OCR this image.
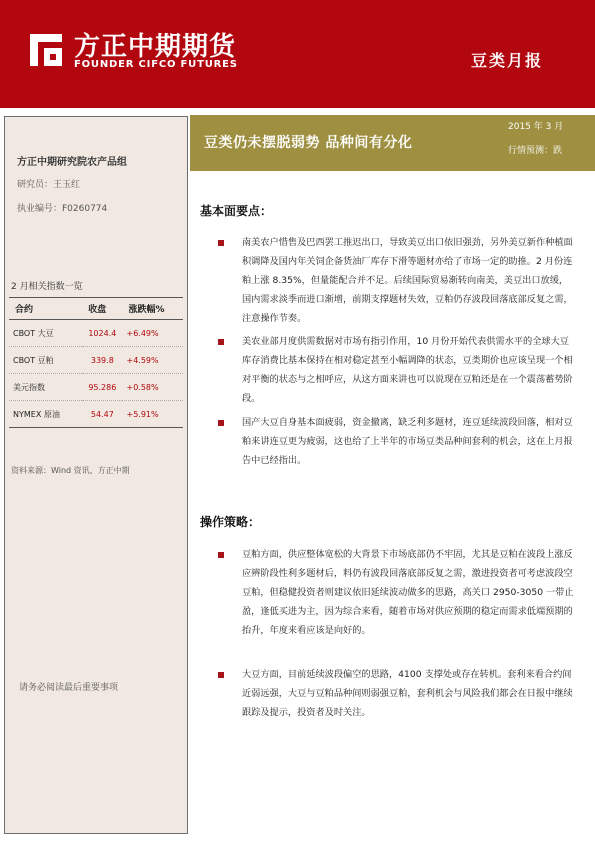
方正中期期货
FOUNDER CIFCO FUTURES	豆类月报
方正中期研究院农产品组
研究员：王玉红
执业编号：F0260774
2 月相关指数一览
合约	收盘	涨跌幅%
CBOT 大豆	1024.4	+6.49%
CBOT 豆粕	339.8	+4.59%
美元指数	95.286	+0.58%
NYMEX 原油	54.47	+5.91%
资料来源：Wind 资讯、方正中期
请务必阅读最后重要事项
豆类仍未摆脱弱势 品种间有分化
2015 年 3 月
行情预测：跌
基本面要点：

南美农户惜售及巴西罢工推迟出口，导致美豆出口依旧强劲，另外美豆新作种植面积调降及国内年关饲企备货油厂库存下滑等题材亦给了市场一定的助推。2 月份连粕上涨 8.35%，但量能配合并不足。后续国际贸易渐转向南美，美豆出口放缓，国内需求淡季而进口渐增，前期支撑题材失效，豆粕仍存波段回落底部反复之需，注意操作节奏。

美农业部月度供需数据对市场有指引作用，10 月份开始代表供需水平的全球大豆库存消费比基本保持在相对稳定甚至小幅调降的状态，豆类期价也应该呈现一个相对平衡的状态与之相呼应，从这方面来讲也可以说现在豆粕还是在一个震荡蓄势阶段。

国产大豆自身基本面疲弱，资金撤离，缺乏利多题材，连豆延续波段回落，相对豆粕来讲连豆更为疲弱，这也给了上半年的市场豆类品种间套利的机会，这在上月报告中已经指出。

操作策略：

豆粕方面，供应整体宽松的大背景下市场底部仍不牢固，尤其是豆粕在波段上涨反应辨阶段性利多题材后，料仍有波段回落底部反复之需，激进投资者可考虑波段空豆粕，但稳健投资者则建议依旧延续波动做多的思路，高关口 2950-3050 一带止盈，逢低买进为主，因为综合来看，随着市场对供应预期的稳定而需求低端预期的抬升，年度来看应该是向好的。

大豆方面，目前延续波段偏空的思路，4100 支撑处或存在转机。套利来看合约间近弱远强，大豆与豆粕品种间则弱强豆粕，套利机会与风险我们都会在日报中继续跟踪及提示，投资者及时关注。
